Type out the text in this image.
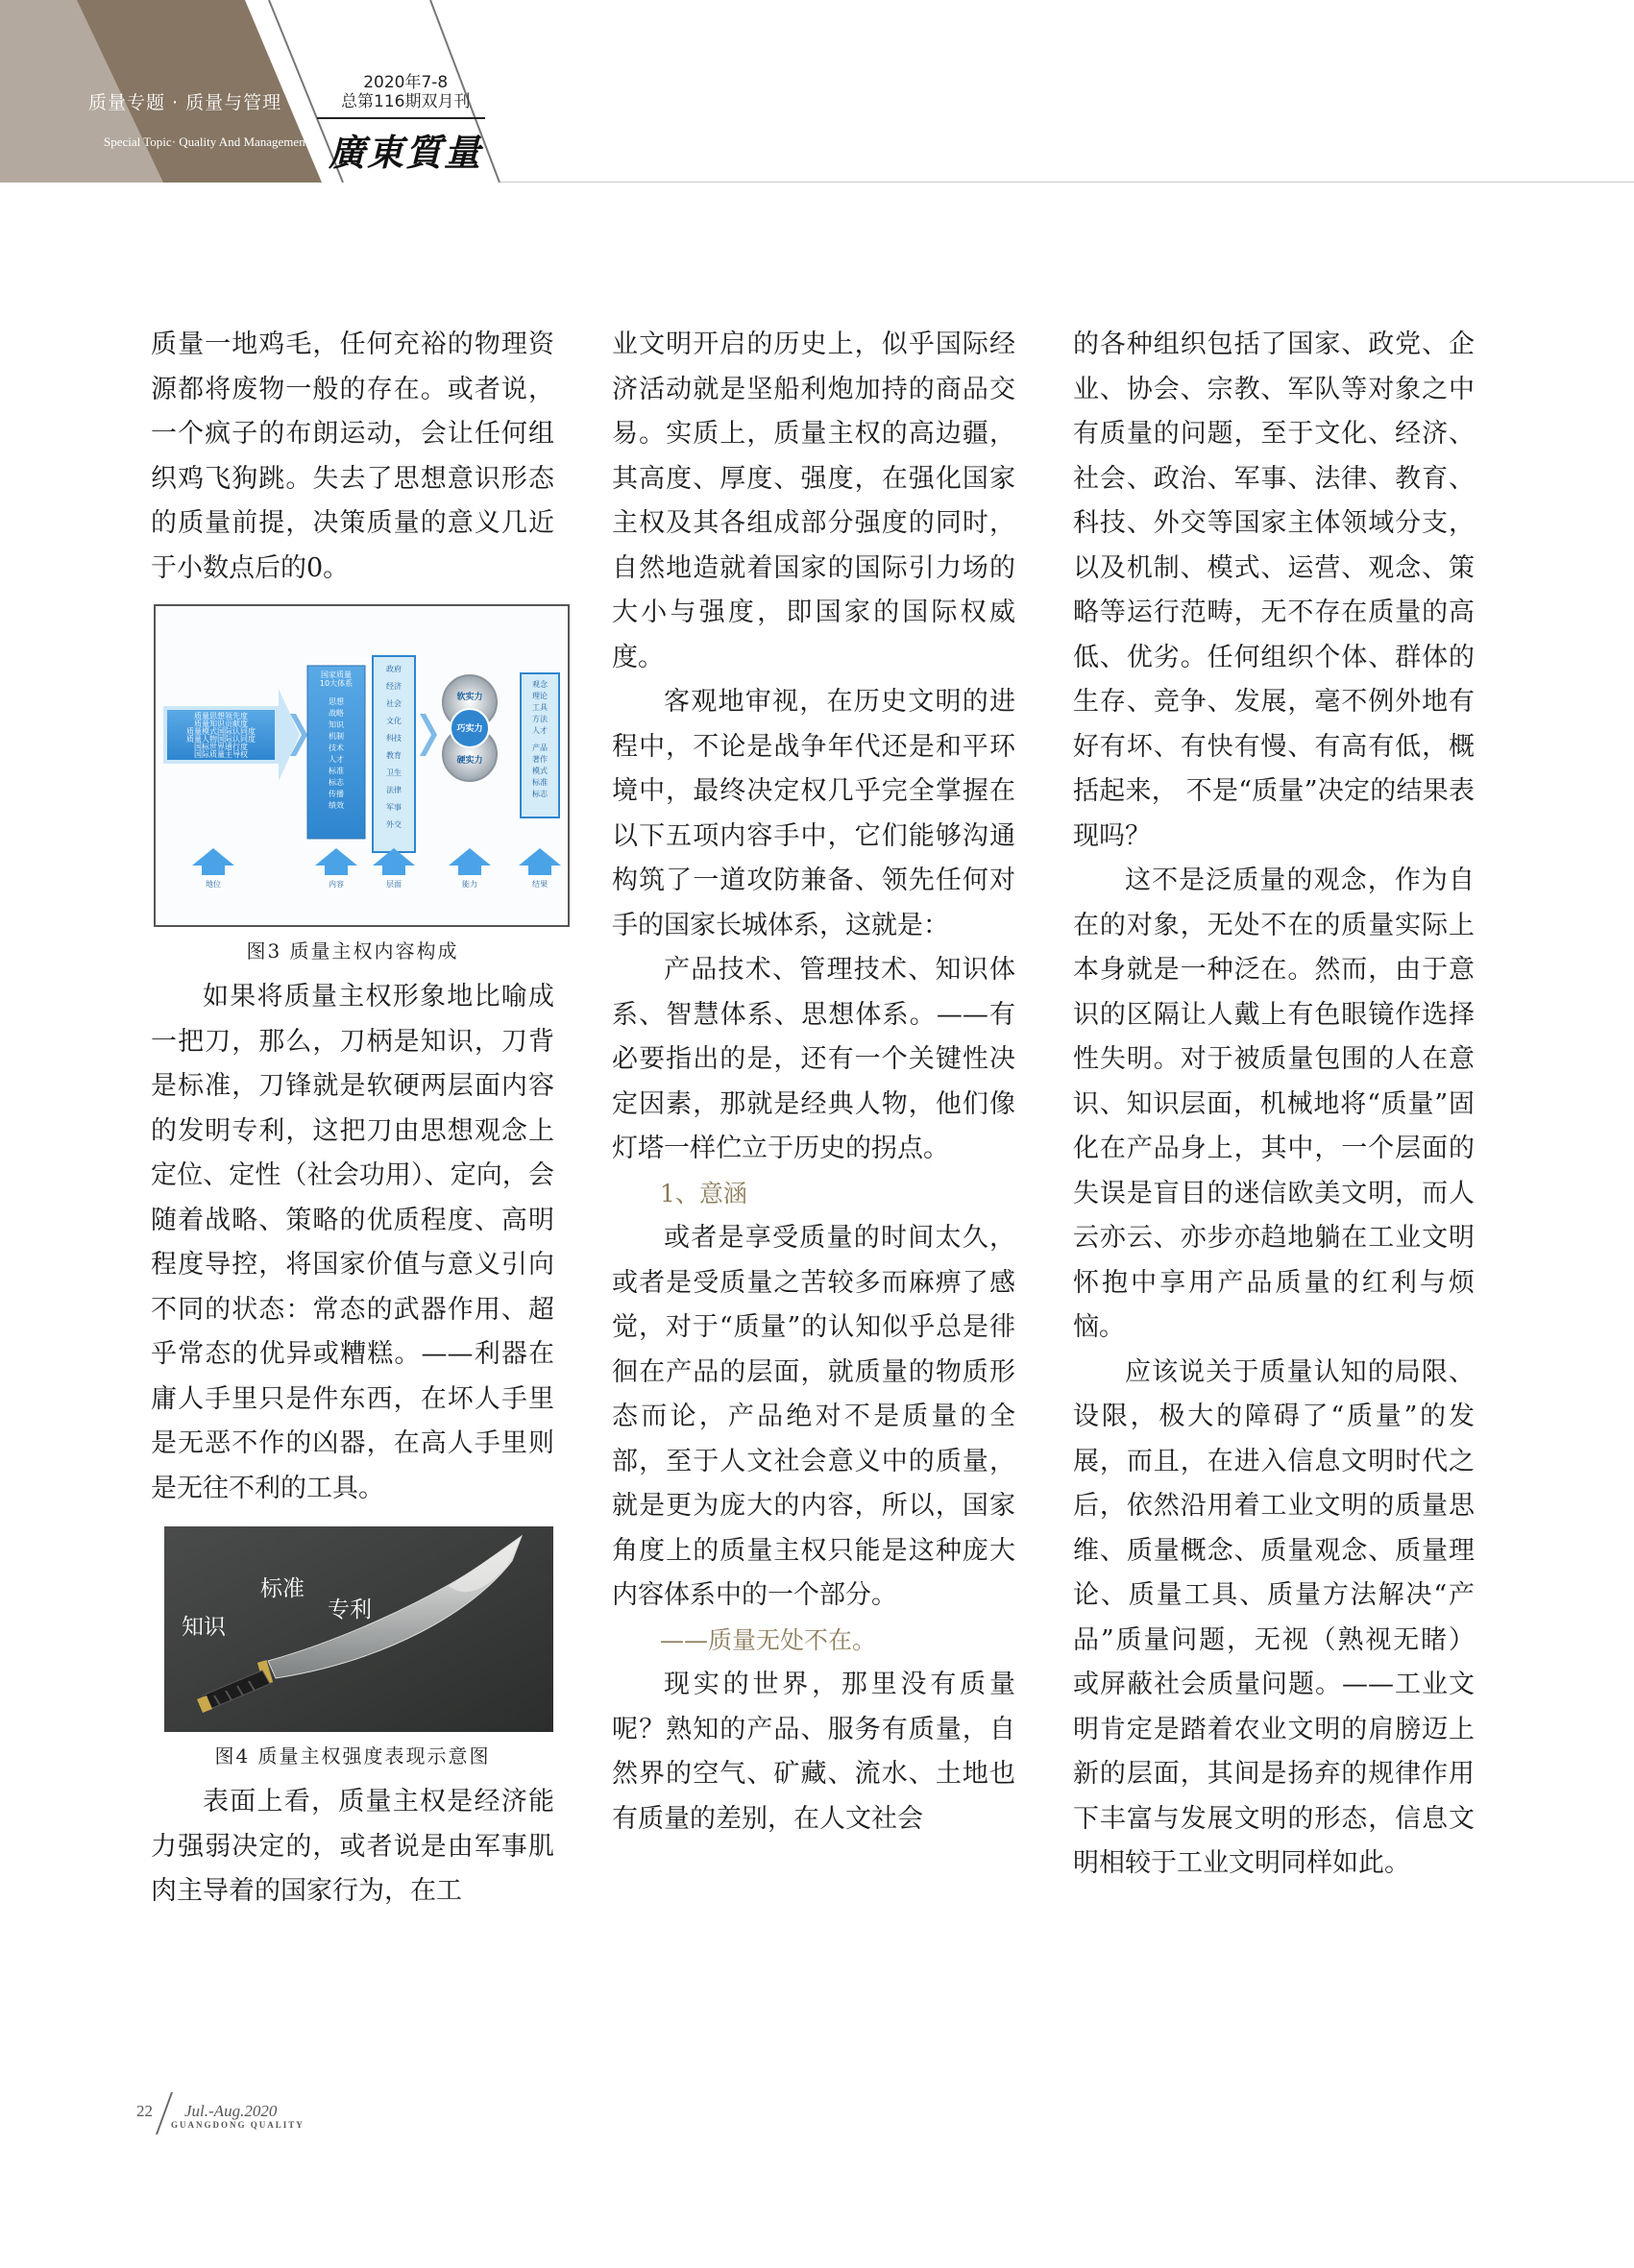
质量专题 · 质量与管理
Special Topic· Quality And Management
2020年7-8
总第116期双月刊
廣東質量

质量一地鸡毛，任何充裕的物理资源都将废物一般的存在。或者说，一个疯子的布朗运动，会让任何组织鸡飞狗跳。失去了思想意识形态的质量前提，决策质量的意义几近于小数点后的0。

质量思想领先度
质量知识贡献度
质量模式国际认同度
质量人物国际认同度
国标世界通行度
国际质量主导权
国家质量
10大体系
思想
战略
知识
机制
技术
人才
标准
标志
传播
绩效
政府
经济
社会
文化
科技
教育
卫生
法律
军事
外交
观念
理论
工具
方法
人才
产品
著作
模式
标准
标志
软实力
巧实力
硬实力
地位	内容	层面	能力	结果
图3 质量主权内容构成

如果将质量主权形象地比喻成一把刀，那么，刀柄是知识，刀背是标准，刀锋就是软硬两层面内容的发明专利，这把刀由思想观念上定位、定性（社会功用）、定向，会随着战略、策略的优质程度、高明程度导控，将国家价值与意义引向不同的状态：常态的武器作用、超乎常态的优异或糟糕。——利器在庸人手里只是件东西，在坏人手里是无恶不作的凶器，在高人手里则是无往不利的工具。

知识
标准
专利
图4 质量主权强度表现示意图

表面上看，质量主权是经济能力强弱决定的，或者说是由军事肌肉主导着的国家行为，在工

业文明开启的历史上，似乎国际经济活动就是坚船利炮加持的商品交易。实质上，质量主权的高边疆，其高度、厚度、强度，在强化国家主权及其各组成部分强度的同时，自然地造就着国家的国际引力场的大小与强度，即国家的国际权威度。

客观地审视，在历史文明的进程中，不论是战争年代还是和平环境中，最终决定权几乎完全掌握在以下五项内容手中，它们能够沟通构筑了一道攻防兼备、领先任何对手的国家长城体系，这就是：

产品技术、管理技术、知识体系、智慧体系、思想体系。——有必要指出的是，还有一个关键性决定因素，那就是经典人物，他们像灯塔一样伫立于历史的拐点。

1、意涵

或者是享受质量的时间太久，或者是受质量之苦较多而麻痹了感觉，对于“质量”的认知似乎总是徘徊在产品的层面，就质量的物质形态而论，产品绝对不是质量的全部，至于人文社会意义中的质量，就是更为庞大的内容，所以，国家角度上的质量主权只能是这种庞大内容体系中的一个部分。

——质量无处不在。

现实的世界，那里没有质量呢？熟知的产品、服务有质量，自然界的空气、矿藏、流水、土地也有质量的差别，在人文社会

的各种组织包括了国家、政党、企业、协会、宗教、军队等对象之中有质量的问题，至于文化、经济、社会、政治、军事、法律、教育、科技、外交等国家主体领域分支，以及机制、模式、运营、观念、策略等运行范畴，无不存在质量的高低、优劣。任何组织个体、群体的生存、竞争、发展，毫不例外地有好有坏、有快有慢、有高有低，概括起来， 不是“质量”决定的结果表现吗？

这不是泛质量的观念，作为自在的对象，无处不在的质量实际上本身就是一种泛在。然而，由于意识的区隔让人戴上有色眼镜作选择性失明。对于被质量包围的人在意识、知识层面，机械地将“质量”固化在产品身上，其中，一个层面的失误是盲目的迷信欧美文明，而人云亦云、亦步亦趋地躺在工业文明怀抱中享用产品质量的红利与烦恼。

应该说关于质量认知的局限、设限，极大的障碍了“质量”的发展，而且，在进入信息文明时代之后，依然沿用着工业文明的质量思维、质量概念、质量观念、质量理论、质量工具、质量方法解决“产品”质量问题，无视（熟视无睹）或屏蔽社会质量问题。——工业文明肯定是踏着农业文明的肩膀迈上新的层面，其间是扬弃的规律作用下丰富与发展文明的形态，信息文明相较于工业文明同样如此。

22 Jul.-Aug.2020
GUANGDONG QUALITY
